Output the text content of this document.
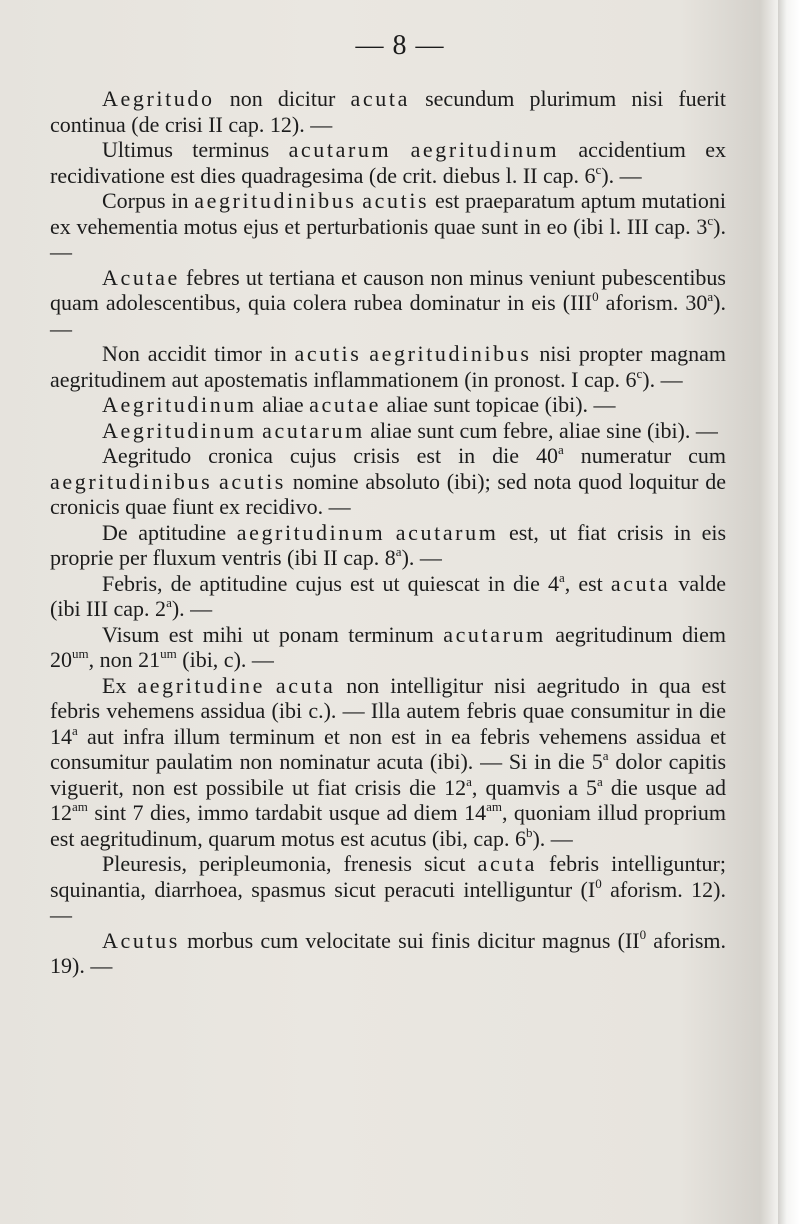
— 8 —

Aegritudo non dicitur acuta secundum plurimum nisi fuerit continua (de crisi II cap. 12). —

Ultimus terminus acutarum aegritudinum accidentium ex recidivatione est dies quadragesima (de crit. diebus l. II cap. 6$^c$). —

Corpus in aegritudinibus acutis est praeparatum aptum mutationi ex vehementia motus ejus et perturbationis quae sunt in eo (ibi l. III cap. 3$^c$). —

Acutae febres ut tertiana et causon non minus veniunt pubescentibus quam adolescentibus, quia colera rubea dominatur in eis (III$^0$ aforism. 30$^a$). —

Non accidit timor in acutis aegritudinibus nisi propter magnam aegritudinem aut apostematis inflammationem (in pronost. I cap. 6$^c$). —

Aegritudinum aliae acutae aliae sunt topicae (ibi). —

Aegritudinum acutarum aliae sunt cum febre, aliae sine (ibi). —

Aegritudo cronica cujus crisis est in die 40$^a$ numeratur cum aegritudinibus acutis nomine absoluto (ibi); sed nota quod loquitur de cronicis quae fiunt ex recidivo. —

De aptitudine aegritudinum acutarum est, ut fiat crisis in eis proprie per fluxum ventris (ibi II cap. 8$^a$). —

Febris, de aptitudine cujus est ut quiescat in die 4$^a$, est acuta valde (ibi III cap. 2$^a$). —

Visum est mihi ut ponam terminum acutarum aegritudinum diem $20^{um}$, non $21^{um}$ (ibi, c). —

Ex aegritudine acuta non intelligitur nisi aegritudo in qua est febris vehemens assidua (ibi c.). — Illa autem febris quae consumitur in die 14$^a$ aut infra illum terminum et non est in ea febris vehemens assidua et consumitur paulatim non nominatur acuta (ibi). — Si in die 5$^a$ dolor capitis viguerit, non est possibile ut fiat crisis die 12$^a$, quamvis a 5$^a$ die usque ad $12^{am}$ sint 7 dies, immo tardabit usque ad diem $14^{am}$, quoniam illud proprium est aegritudinum, quarum motus est acutus (ibi, cap. 6$^b$). —

Pleuresis, peripleumonia, frenesis sicut acuta febris intelliguntur; squinantia, diarrhoea, spasmus sicut peracuti intelliguntur ($I^0$ aforism. 12). —

Acutus morbus cum velocitate sui finis dicitur magnus ($II^0$ aforism. 19). —
